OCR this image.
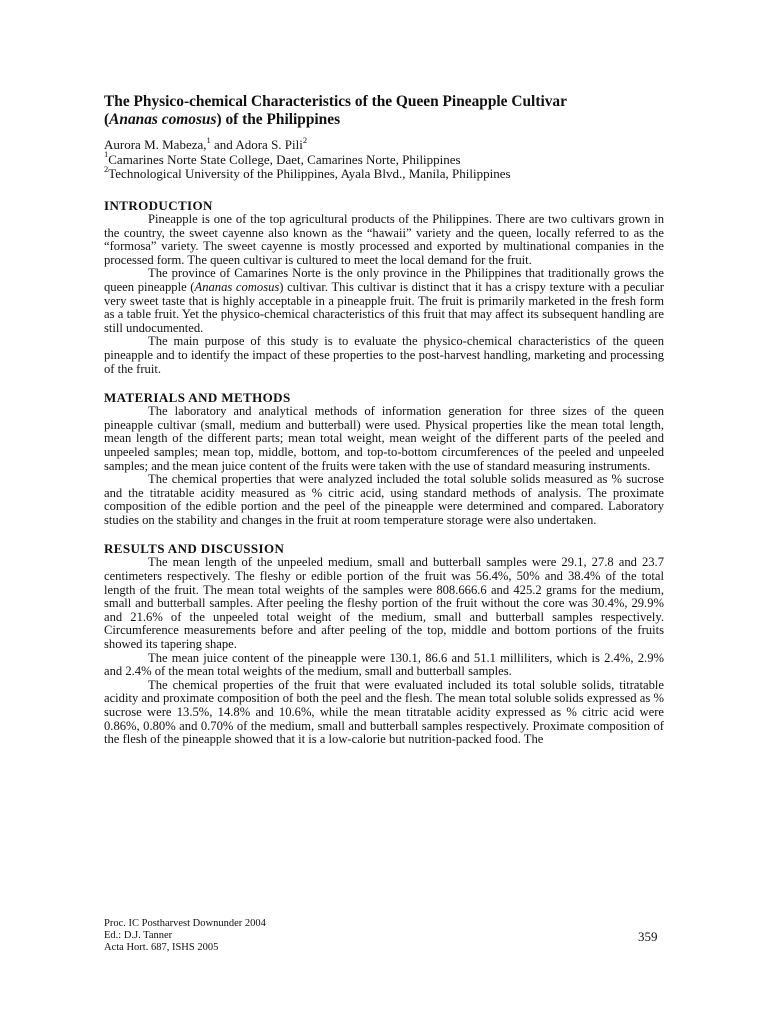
The Physico-chemical Characteristics of the Queen Pineapple Cultivar
(Ananas comosus) of the Philippines
Aurora M. Mabeza,$^1$ and Adora S. Pili$^2$
$^1$Camarines Norte State College, Daet, Camarines Norte, Philippines
$^2$Technological University of the Philippines, Ayala Blvd., Manila, Philippines
INTRODUCTION

Pineapple is one of the top agricultural products of the Philippines. There are two cultivars grown in the country, the sweet cayenne also known as the “hawaii” variety and the queen, locally referred to as the “formosa” variety. The sweet cayenne is mostly processed and exported by multinational companies in the processed form. The queen cultivar is cultured to meet the local demand for the fruit.

The province of Camarines Norte is the only province in the Philippines that traditionally grows the queen pineapple (Ananas comosus) cultivar. This cultivar is distinct that it has a crispy texture with a peculiar very sweet taste that is highly acceptable in a pineapple fruit. The fruit is primarily marketed in the fresh form as a table fruit. Yet the physico-chemical characteristics of this fruit that may affect its subsequent handling are still undocumented.

The main purpose of this study is to evaluate the physico-chemical characteristics of the queen pineapple and to identify the impact of these properties to the post-harvest handling, marketing and processing of the fruit.

MATERIALS AND METHODS

The laboratory and analytical methods of information generation for three sizes of the queen pineapple cultivar (small, medium and butterball) were used. Physical properties like the mean total length, mean length of the different parts; mean total weight, mean weight of the different parts of the peeled and unpeeled samples; mean top, middle, bottom, and top-to-bottom circumferences of the peeled and unpeeled samples; and the mean juice content of the fruits were taken with the use of standard measuring instruments.

The chemical properties that were analyzed included the total soluble solids measured as % sucrose and the titratable acidity measured as % citric acid, using standard methods of analysis. The proximate composition of the edible portion and the peel of the pineapple were determined and compared. Laboratory studies on the stability and changes in the fruit at room temperature storage were also undertaken.

RESULTS AND DISCUSSION

The mean length of the unpeeled medium, small and butterball samples were 29.1, 27.8 and 23.7 centimeters respectively. The fleshy or edible portion of the fruit was 56.4%, 50% and 38.4% of the total length of the fruit. The mean total weights of the samples were 808.666.6 and 425.2 grams for the medium, small and butterball samples. After peeling the fleshy portion of the fruit without the core was 30.4%, 29.9% and 21.6% of the unpeeled total weight of the medium, small and butterball samples respectively. Circumference measurements before and after peeling of the top, middle and bottom portions of the fruits showed its tapering shape.

The mean juice content of the pineapple were 130.1, 86.6 and 51.1 milliliters, which is 2.4%, 2.9% and 2.4% of the mean total weights of the medium, small and butterball samples.

The chemical properties of the fruit that were evaluated included its total soluble solids, titratable acidity and proximate composition of both the peel and the flesh. The mean total soluble solids expressed as % sucrose were 13.5%, 14.8% and 10.6%, while the mean titratable acidity expressed as % citric acid were 0.86%, 0.80% and 0.70% of the medium, small and butterball samples respectively. Proximate composition of the flesh of the pineapple showed that it is a low-calorie but nutrition-packed food. The

Proc. IC Postharvest Downunder 2004
Ed.: D.J. Tanner
Acta Hort. 687, ISHS 2005
359
